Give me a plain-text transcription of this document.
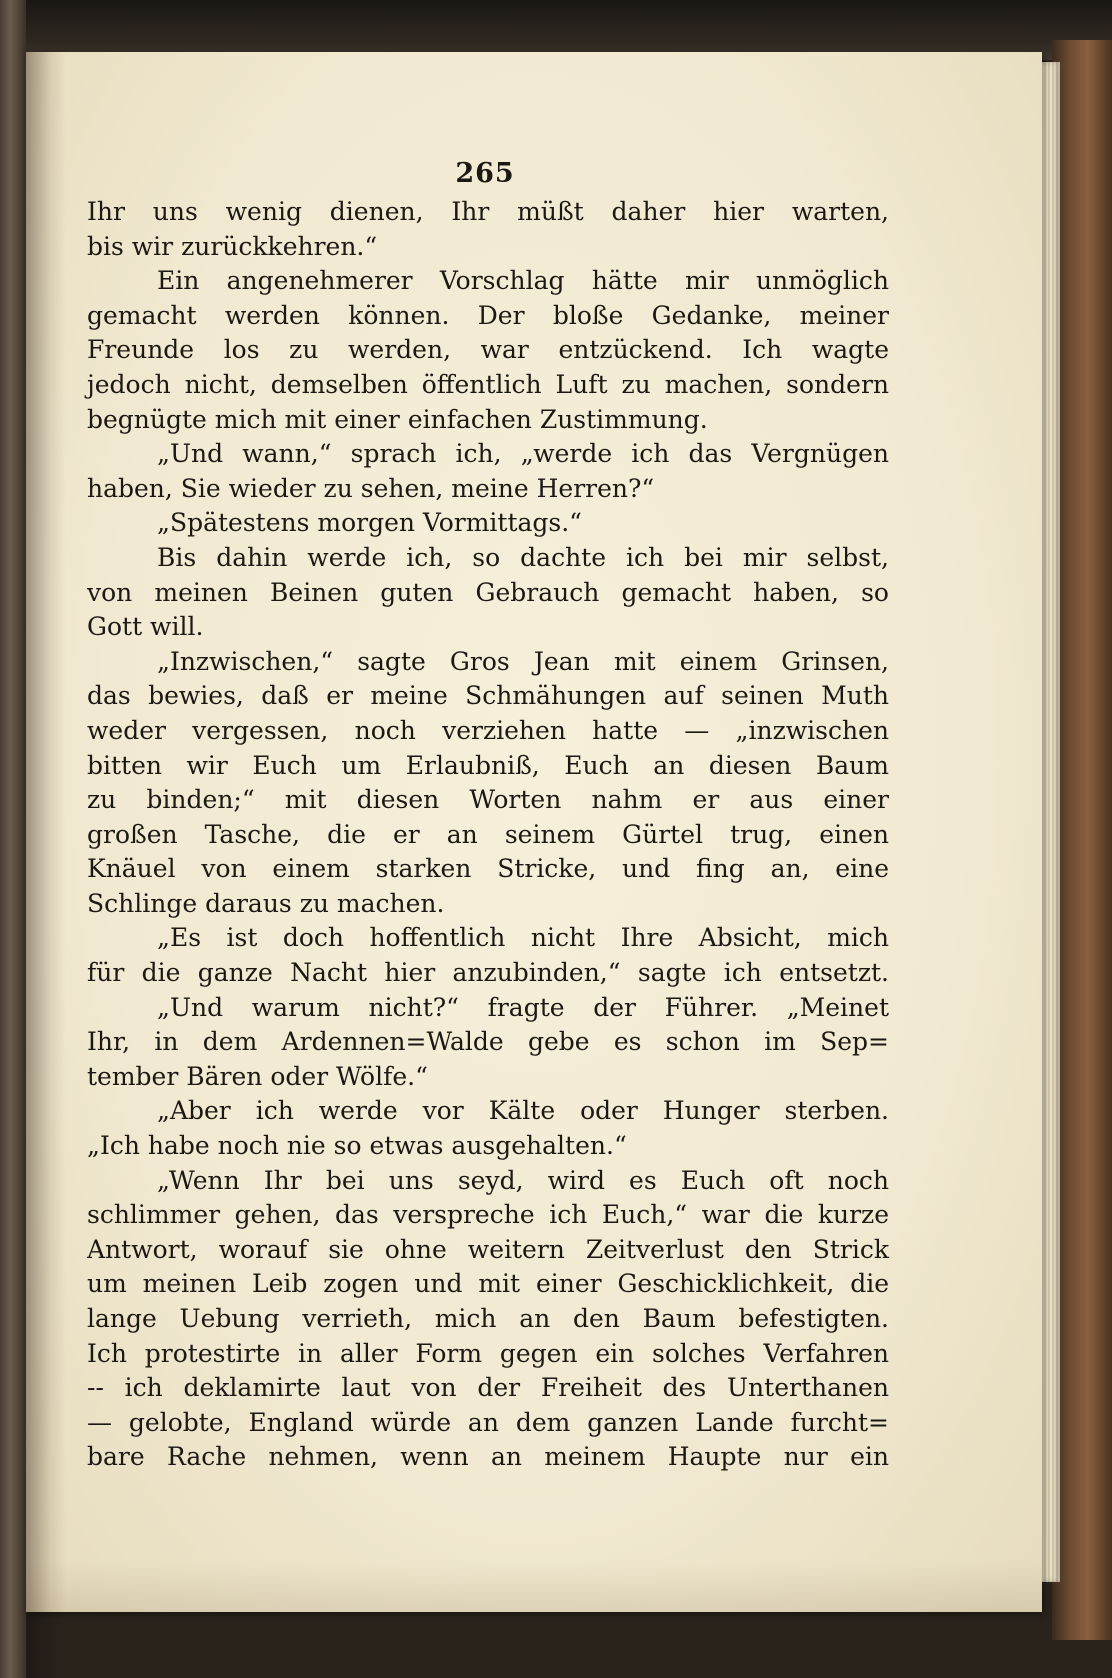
265
Ihr uns wenig dienen, Ihr müßt daher hier warten,
bis wir zurückkehren.“
Ein angenehmerer Vorschlag hätte mir unmöglich
gemacht werden können. Der bloße Gedanke, meiner
Freunde los zu werden, war entzückend. Ich wagte
jedoch nicht, demselben öffentlich Luft zu machen, sondern
begnügte mich mit einer einfachen Zustimmung.
„Und wann,“ sprach ich, „werde ich das Vergnügen
haben, Sie wieder zu sehen, meine Herren?“
„Spätestens morgen Vormittags.“
Bis dahin werde ich, so dachte ich bei mir selbst,
von meinen Beinen guten Gebrauch gemacht haben, so
Gott will.
„Inzwischen,“ sagte Gros Jean mit einem Grinsen,
das bewies, daß er meine Schmähungen auf seinen Muth
weder vergessen, noch verziehen hatte — „inzwischen
bitten wir Euch um Erlaubniß, Euch an diesen Baum
zu binden;“ mit diesen Worten nahm er aus einer
großen Tasche, die er an seinem Gürtel trug, einen
Knäuel von einem starken Stricke, und fing an, eine
Schlinge daraus zu machen.
„Es ist doch hoffentlich nicht Ihre Absicht, mich
für die ganze Nacht hier anzubinden,“ sagte ich entsetzt.
„Und warum nicht?“ fragte der Führer. „Meinet
Ihr, in dem Ardennen=Walde gebe es schon im Sep=
tember Bären oder Wölfe.“
„Aber ich werde vor Kälte oder Hunger sterben.
„Ich habe noch nie so etwas ausgehalten.“
„Wenn Ihr bei uns seyd, wird es Euch oft noch
schlimmer gehen, das verspreche ich Euch,“ war die kurze
Antwort, worauf sie ohne weitern Zeitverlust den Strick
um meinen Leib zogen und mit einer Geschicklichkeit, die
lange Uebung verrieth, mich an den Baum befestigten.
Ich protestirte in aller Form gegen ein solches Verfahren
-- ich deklamirte laut von der Freiheit des Unterthanen
— gelobte, England würde an dem ganzen Lande furcht=
bare Rache nehmen, wenn an meinem Haupte nur ein
